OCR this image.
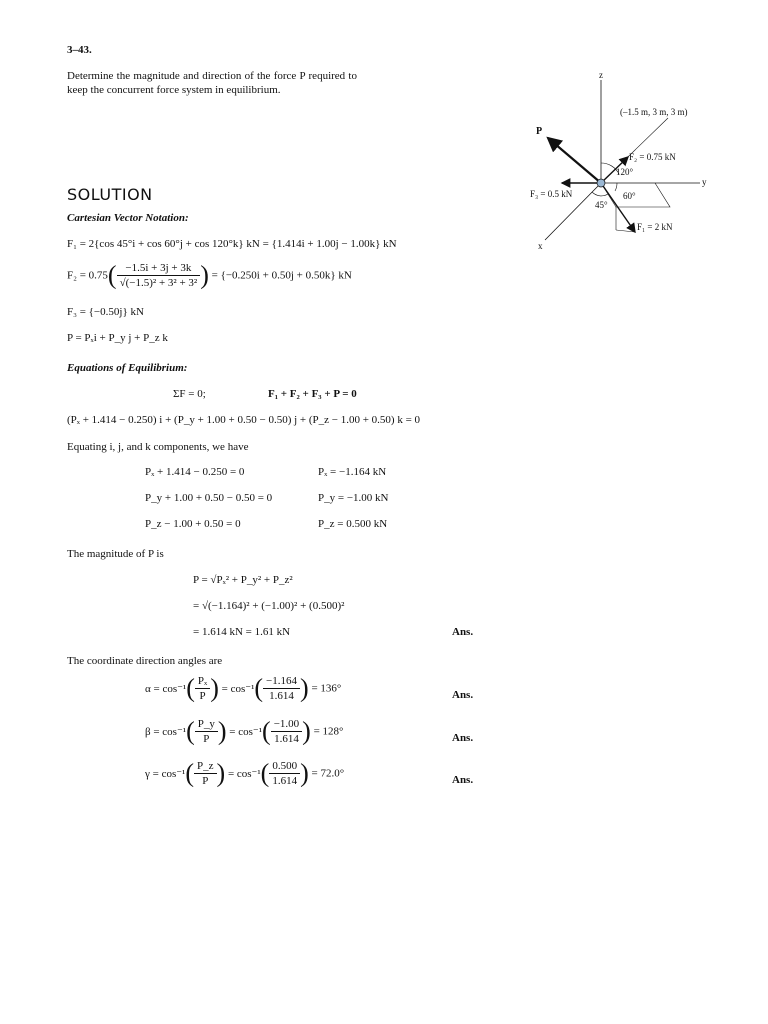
3–43.
Determine the magnitude and direction of the force P required to keep the concurrent force system in equilibrium.
z
y
x
(–1.5 m, 3 m, 3 m)
P
F₂ = 0.75 kN
F₃ = 0.5 kN
F₁ = 2 kN
120°
60°
45°
SOLUTION
Cartesian Vector Notation:
F₁ = 2{cos 45°i + cos 60°j + cos 120°k} kN = {1.414i + 1.00j − 1.00k} kN
$F_2 = 0.75( \frac{-1.5i + 3j + 3k}{\text{√(−1.5)² + 3² + 3²}}$ ) = {−0.250i + 0.50j + 0.50k} kN
F₃ = {−0.50j} kN
P = Pₓi + P_y j + P_z k
Equations of Equilibrium:
ΣF = 0;	F₁ + F₂ + F₃ + P = 0
(Pₓ + 1.414 − 0.250) i + (P_y + 1.00 + 0.50 − 0.50) j + (P_z − 1.00 + 0.50) k = 0
Equating i, j, and k components, we have
Pₓ + 1.414 − 0.250 = 0	Pₓ = −1.164 kN
P_y + 1.00 + 0.50 − 0.50 = 0	P_y = −1.00 kN
P_z − 1.00 + 0.50 = 0	P_z = 0.500 kN
The magnitude of P is
P = √Pₓ² + P_y² + P_z²
= √(−1.164)² + (−1.00)² + (0.500)²
= 1.614 kN = 1.61 kN	Ans.
The coordinate direction angles are
$\alpha = \cos^{-1}( \frac{\text{Pₓ}}{P}$ ) = $\cos^{-1}( \frac{-1.164}{1.614}$ ) = 136°
Ans.
$\beta = \cos^{-1}( \frac{P\_y}{P}$ ) = $\cos^{-1}( \frac{-1.00}{1.614}$ ) = 128°
Ans.
$\gamma = \cos^{-1}( \frac{P\_z}{P}$ ) = $\cos^{-1}( \frac{0.500}{1.614}$ ) = 72.0°
Ans.
